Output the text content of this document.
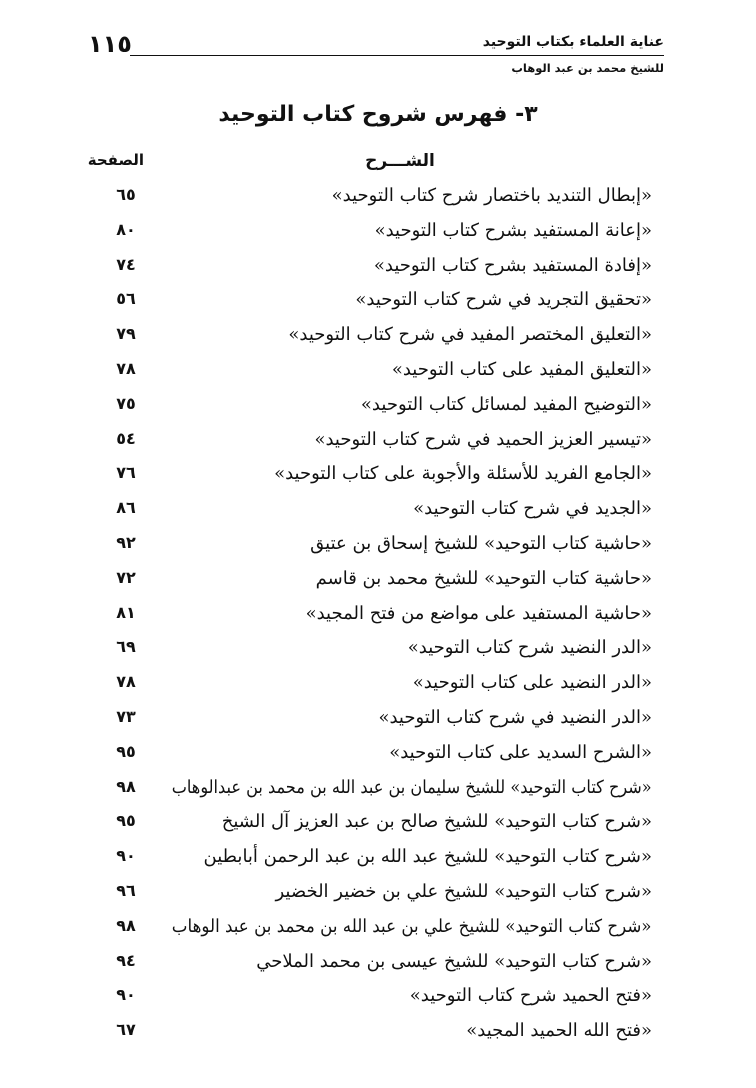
١١٥	عناية العلماء بكتاب التوحيد
للشيخ محمد بن عبد الوهاب
٣- فهرس شروح كتاب التوحيد
الشـــرح
الصفحة
«إبطال التنديد باختصار شرح كتاب التوحيد»
٦٥
«إعانة المستفيد بشرح كتاب التوحيد»
٨٠
«إفادة المستفيد بشرح كتاب التوحيد»
٧٤
«تحقيق التجريد في شرح كتاب التوحيد»
٥٦
«التعليق المختصر المفيد في شرح كتاب التوحيد»
٧٩
«التعليق المفيد على كتاب التوحيد»
٧٨
«التوضيح المفيد لمسائل كتاب التوحيد»
٧٥
«تيسير العزيز الحميد في شرح كتاب التوحيد»
٥٤
«الجامع الفريد للأسئلة والأجوبة على كتاب التوحيد»
٧٦
«الجديد في شرح كتاب التوحيد»
٨٦
«حاشية كتاب التوحيد» للشيخ إسحاق بن عتيق
٩٢
«حاشية كتاب التوحيد» للشيخ محمد بن قاسم
٧٢
«حاشية المستفيد على مواضع من فتح المجيد»
٨١
«الدر النضيد شرح كتاب التوحيد»
٦٩
«الدر النضيد على كتاب التوحيد»
٧٨
«الدر النضيد في شرح كتاب التوحيد»
٧٣
«الشرح السديد على كتاب التوحيد»
٩٥
«شرح كتاب التوحيد» للشيخ سليمان بن عبد الله بن محمد بن عبدالوهاب
٩٨
«شرح كتاب التوحيد» للشيخ صالح بن عبد العزيز آل الشيخ
٩٥
«شرح كتاب التوحيد» للشيخ عبد الله بن عبد الرحمن أبابطين
٩٠
«شرح كتاب التوحيد» للشيخ علي بن خضير الخضير
٩٦
«شرح كتاب التوحيد» للشيخ علي بن عبد الله بن محمد بن عبد الوهاب
٩٨
«شرح كتاب التوحيد» للشيخ عيسى بن محمد الملاحي
٩٤
«فتح الحميد شرح كتاب التوحيد»
٩٠
«فتح الله الحميد المجيد»
٦٧
